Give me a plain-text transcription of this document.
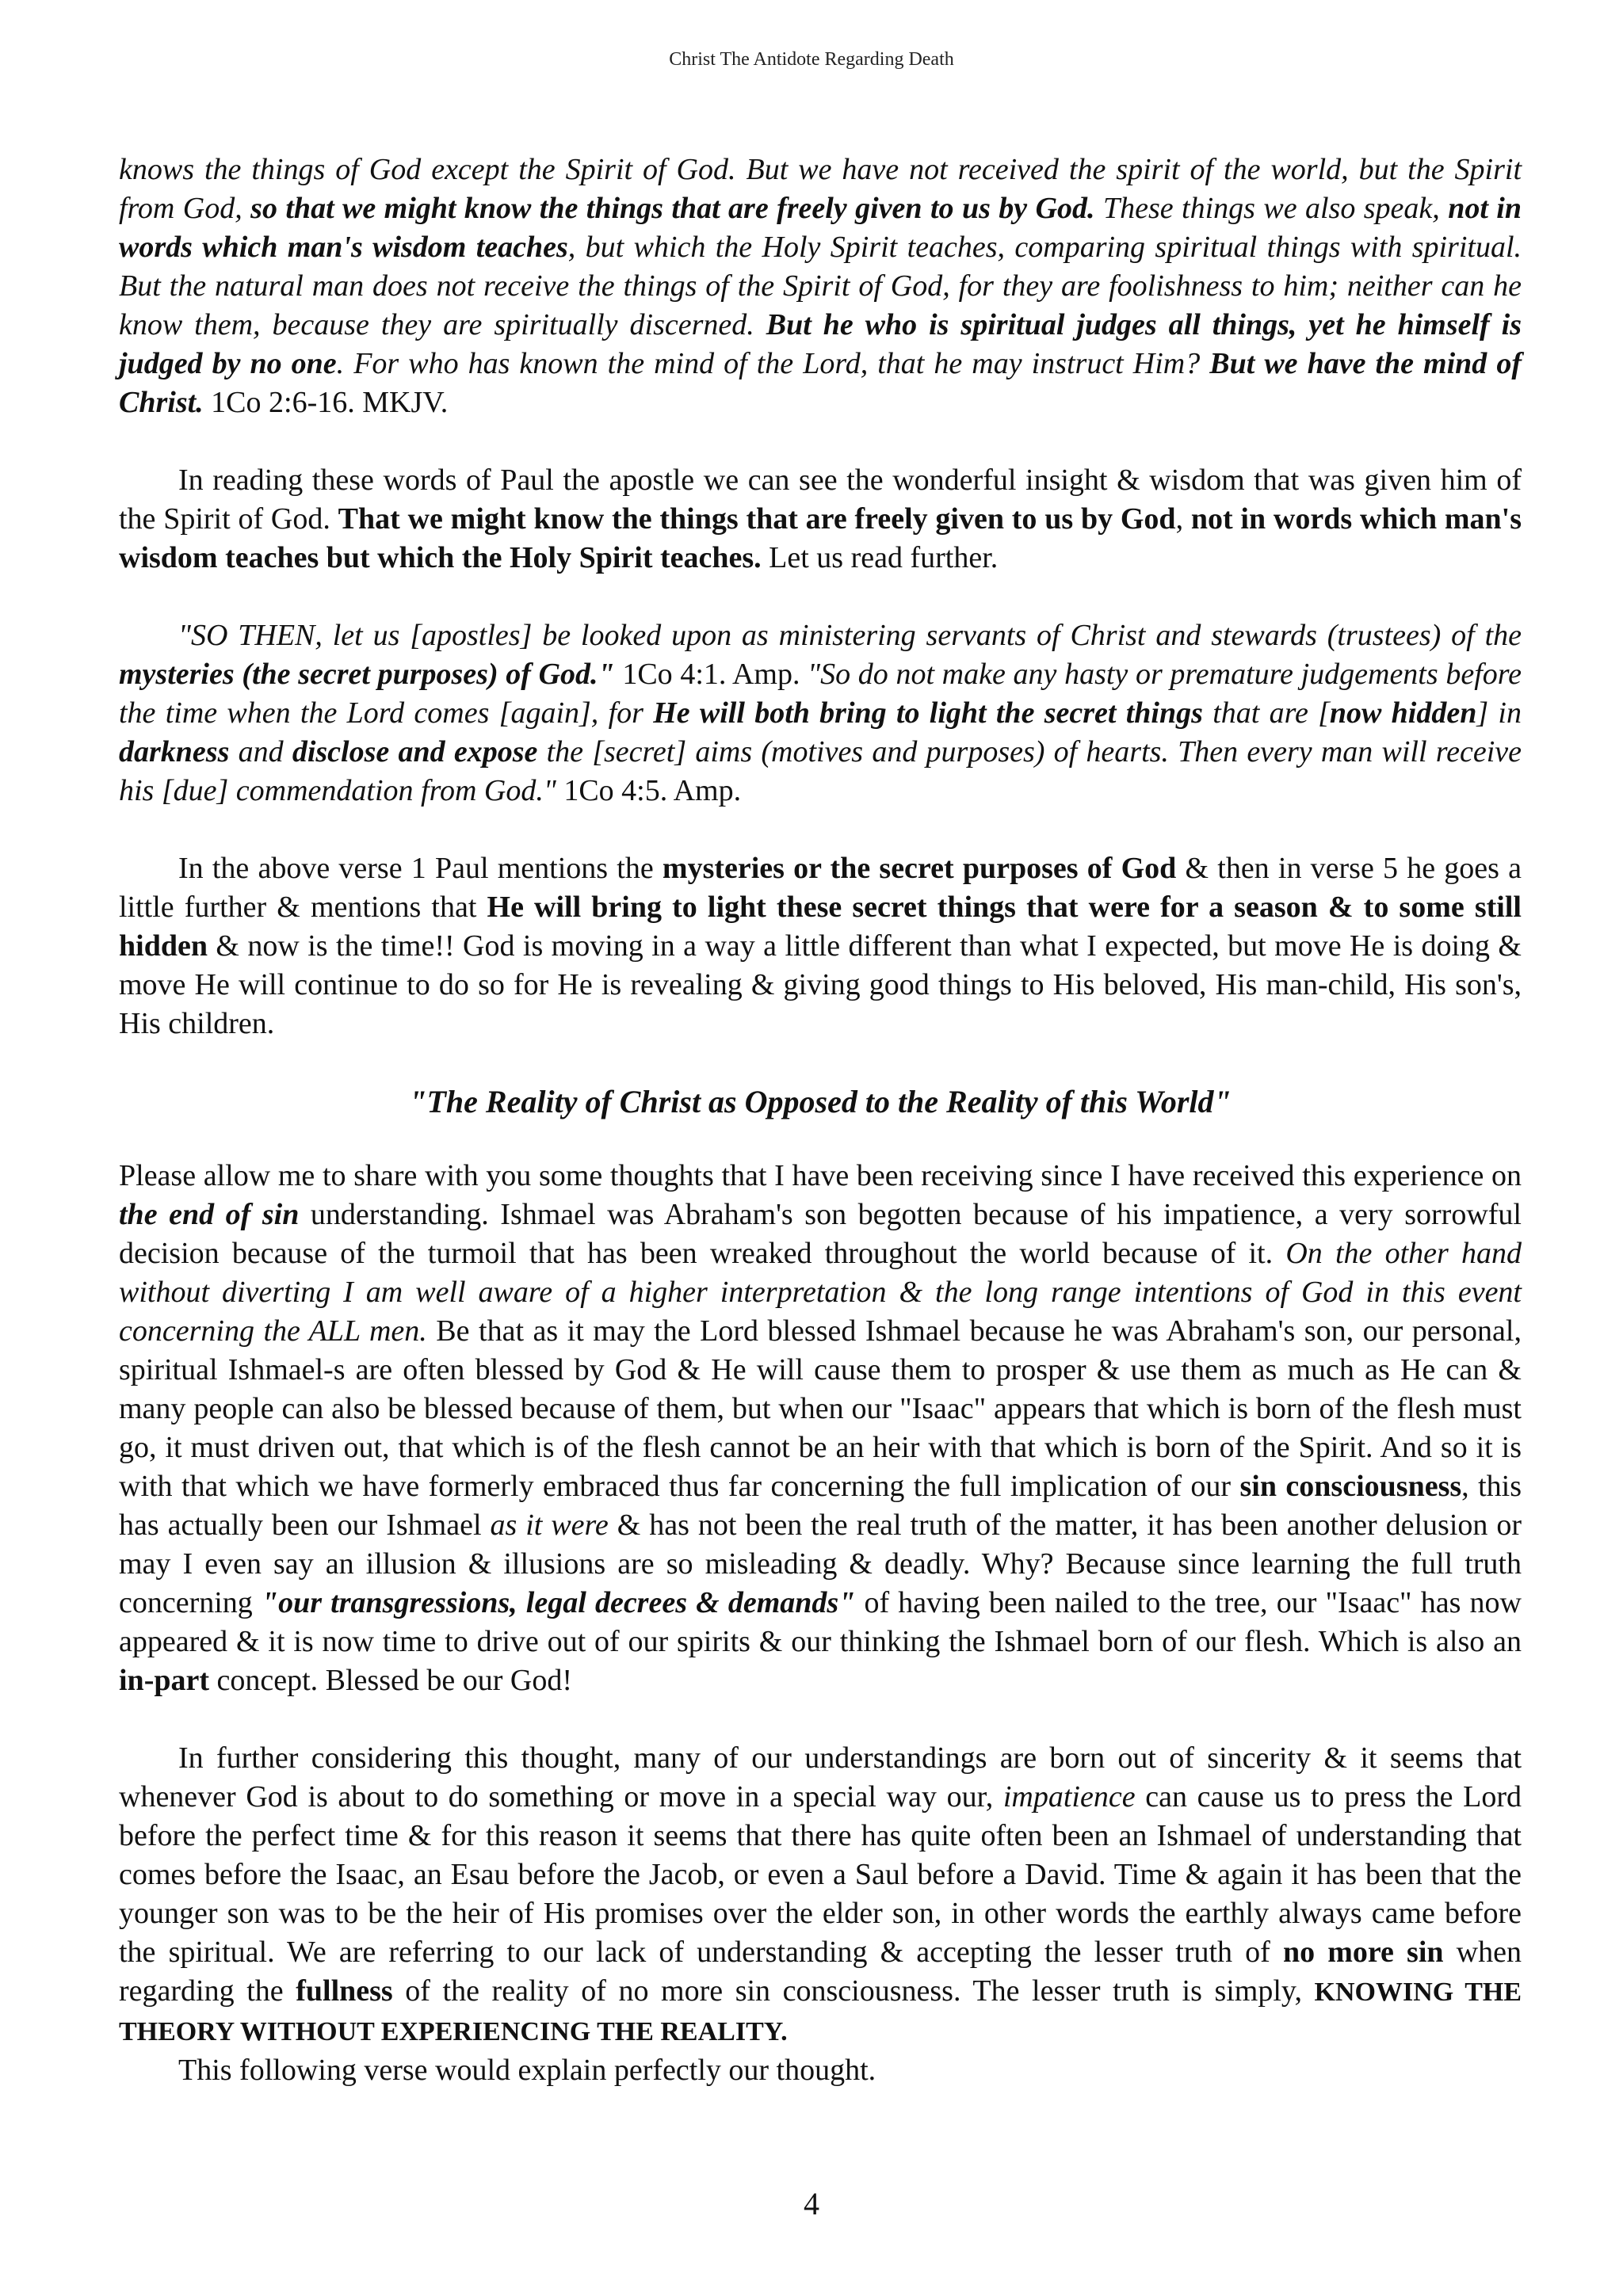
Christ The Antidote Regarding Death

knows the things of God except the Spirit of God. But we have not received the spirit of the world, but the Spirit from God, so that we might know the things that are freely given to us by God. These things we also speak, not in words which man's wisdom teaches, but which the Holy Spirit teaches, comparing spiritual things with spiritual. But the natural man does not receive the things of the Spirit of God, for they are foolishness to him; neither can he know them, because they are spiritually discerned. But he who is spiritual judges all things, yet he himself is judged by no one. For who has known the mind of the Lord, that he may instruct Him? But we have the mind of Christ. 1Co 2:6-16. MKJV.

In reading these words of Paul the apostle we can see the wonderful insight & wisdom that was given him of the Spirit of God. That we might know the things that are freely given to us by God, not in words which man's wisdom teaches but which the Holy Spirit teaches. Let us read further.

"SO THEN, let us [apostles] be looked upon as ministering servants of Christ and stewards (trustees) of the mysteries (the secret purposes) of God." 1Co 4:1. Amp. "So do not make any hasty or premature judgements before the time when the Lord comes [again], for He will both bring to light the secret things that are [now hidden] in darkness and disclose and expose the [secret] aims (motives and purposes) of hearts. Then every man will receive his [due] commendation from God." 1Co 4:5. Amp.

In the above verse 1 Paul mentions the mysteries or the secret purposes of God & then in verse 5 he goes a little further & mentions that He will bring to light these secret things that were for a season & to some still hidden & now is the time!! God is moving in a way a little different than what I expected, but move He is doing & move He will continue to do so for He is revealing & giving good things to His beloved, His man-child, His son's, His children.

"The Reality of Christ as Opposed to the Reality of this World"

Please allow me to share with you some thoughts that I have been receiving since I have received this experience on the end of sin understanding. Ishmael was Abraham's son begotten because of his impatience, a very sorrowful decision because of the turmoil that has been wreaked throughout the world because of it. On the other hand without diverting I am well aware of a higher interpretation & the long range intentions of God in this event concerning the ALL men. Be that as it may the Lord blessed Ishmael because he was Abraham's son, our personal, spiritual Ishmael-s are often blessed by God & He will cause them to prosper & use them as much as He can & many people can also be blessed because of them, but when our "Isaac" appears that which is born of the flesh must go, it must driven out, that which is of the flesh cannot be an heir with that which is born of the Spirit. And so it is with that which we have formerly embraced thus far concerning the full implication of our sin consciousness, this has actually been our Ishmael as it were & has not been the real truth of the matter, it has been another delusion or may I even say an illusion & illusions are so misleading & deadly. Why? Because since learning the full truth concerning "our transgressions, legal decrees & demands" of having been nailed to the tree, our "Isaac" has now appeared & it is now time to drive out of our spirits & our thinking the Ishmael born of our flesh. Which is also an in-part concept. Blessed be our God!

In further considering this thought, many of our understandings are born out of sincerity & it seems that whenever God is about to do something or move in a special way our, impatience can cause us to press the Lord before the perfect time & for this reason it seems that there has quite often been an Ishmael of understanding that comes before the Isaac, an Esau before the Jacob, or even a Saul before a David. Time & again it has been that the younger son was to be the heir of His promises over the elder son, in other words the earthly always came before the spiritual. We are referring to our lack of understanding & accepting the lesser truth of no more sin when regarding the fullness of the reality of no more sin consciousness. The lesser truth is simply, KNOWING THE THEORY WITHOUT EXPERIENCING THE REALITY.

This following verse would explain perfectly our thought.

4
